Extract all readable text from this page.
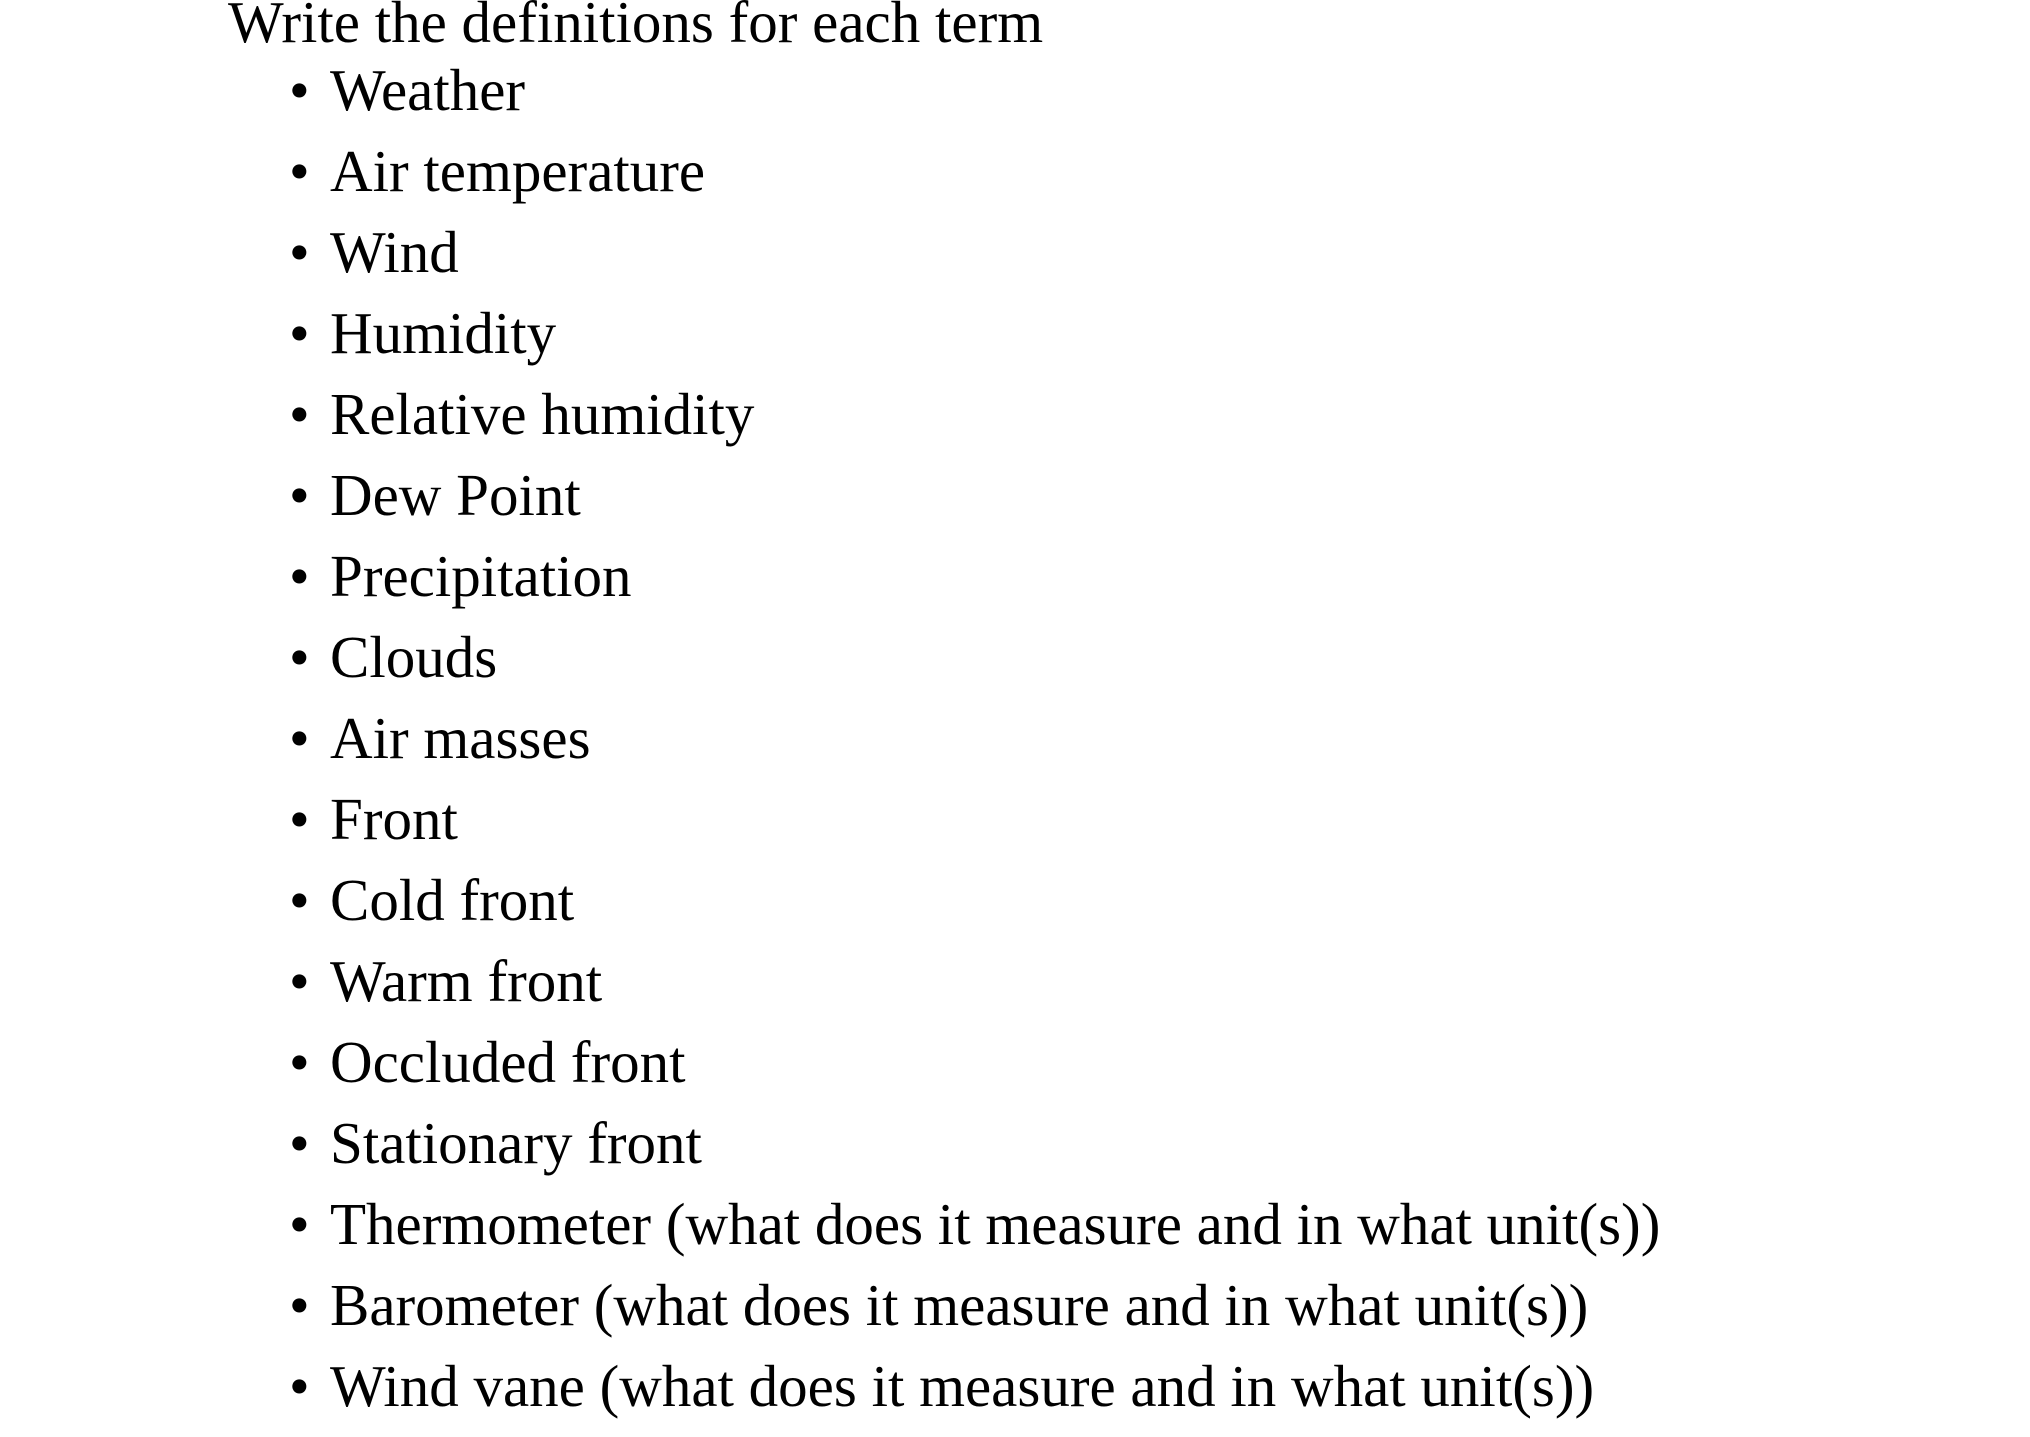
Write the definitions for each term

• Weather
• Air temperature
• Wind
• Humidity
• Relative humidity
• Dew Point
• Precipitation
• Clouds
• Air masses
• Front
• Cold front
• Warm front
• Occluded front
• Stationary front
• Thermometer (what does it measure and in what unit(s))
• Barometer (what does it measure and in what unit(s))
• Wind vane (what does it measure and in what unit(s))
